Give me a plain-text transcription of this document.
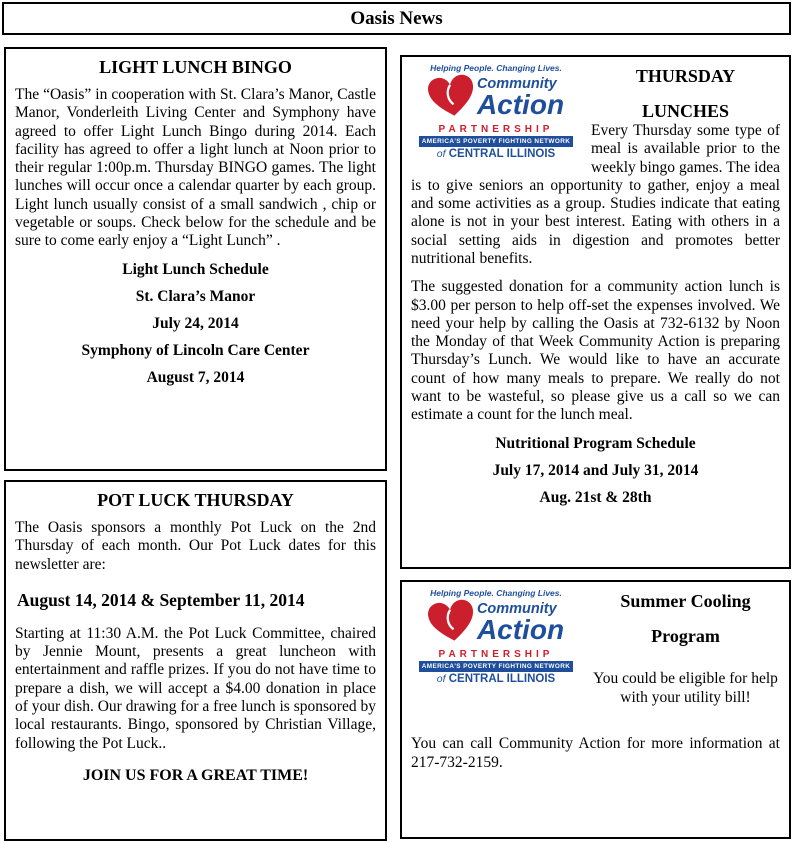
Oasis News
LIGHT LUNCH BINGO

The “Oasis” in cooperation with St. Clara’s Manor, Castle Manor, Vonderleith Living Center and Symphony have agreed to offer Light Lunch Bingo during 2014. Each facility has agreed to offer a light lunch at Noon prior to their regular 1:00p.m. Thursday BINGO games. The light lunches will occur once a calendar quarter by each group. Light lunch usually consist of a small sandwich , chip or vegetable or soups. Check below for the schedule and be sure to come early enjoy a “Light Lunch” .

Light Lunch Schedule
St. Clara’s Manor
July 24, 2014
Symphony of Lincoln Care Center
August 7, 2014
POT LUCK THURSDAY

The Oasis sponsors a monthly Pot Luck on the 2nd Thursday of each month. Our Pot Luck dates for this newsletter are:

August 14, 2014 & September 11, 2014

Starting at 11:30 A.M. the Pot Luck Committee, chaired by Jennie Mount, presents a great luncheon with entertainment and raffle prizes. If you do not have time to prepare a dish, we will accept a $4.00 donation in place of your dish. Our drawing for a free lunch is sponsored by local restaurants. Bingo, sponsored by Christian Village, following the Pot Luck..

JOIN US FOR A GREAT TIME!
Helping People. Changing Lives.
Community
Action
PARTNERSHIP
AMERICA'S POVERTY FIGHTING NETWORK
of CENTRAL ILLINOIS
THURSDAY
LUNCHES

Every Thursday some type of meal is available prior to the weekly bingo games. The idea is to give seniors an opportunity to gather, enjoy a meal and some activities as a group. Studies indicate that eating alone is not in your best interest. Eating with others in a social setting aids in digestion and promotes better nutritional benefits.

The suggested donation for a community action lunch is $3.00 per person to help off-set the expenses involved. We need your help by calling the Oasis at 732-6132 by Noon the Monday of that Week Community Action is preparing Thursday’s Lunch. We would like to have an accurate count of how many meals to prepare. We really do not want to be wasteful, so please give us a call so we can estimate a count for the lunch meal.

Nutritional Program Schedule
July 17, 2014 and July 31, 2014
Aug. 21st & 28th
Helping People. Changing Lives.
Community
Action
PARTNERSHIP
AMERICA'S POVERTY FIGHTING NETWORK
of CENTRAL ILLINOIS
Summer Cooling
Program

You could be eligible for help with your utility bill!

You can call Community Action for more information at 217-732-2159.
